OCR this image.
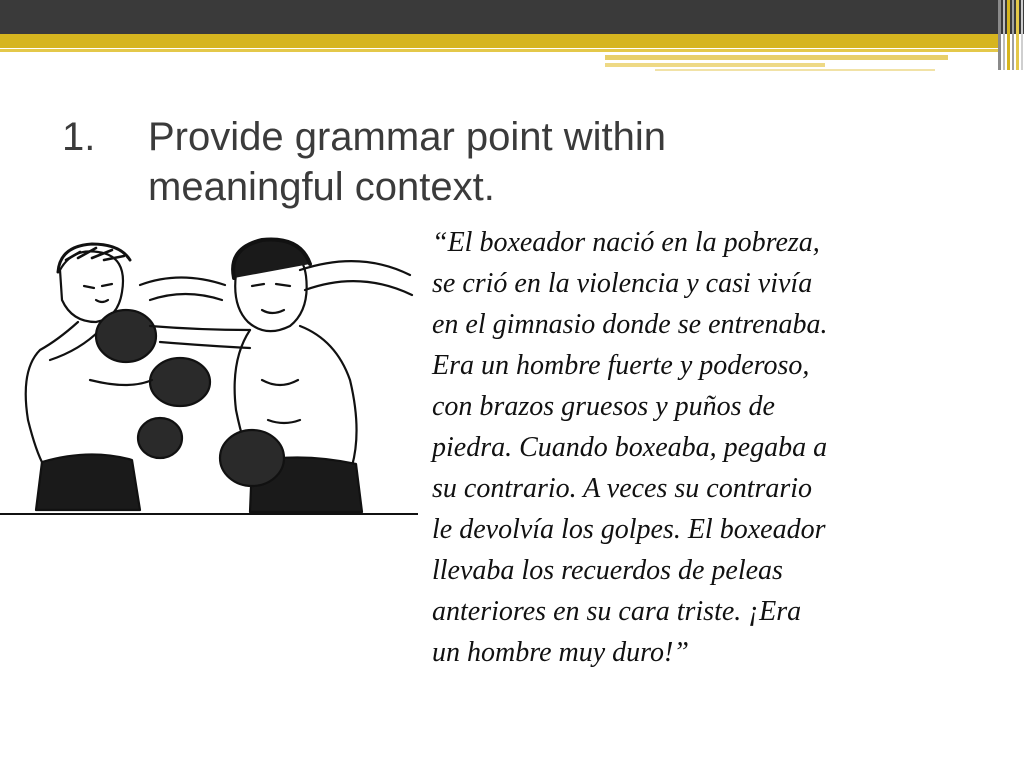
1. Provide grammar point within meaningful context.
“El boxeador nació en la pobreza,
se crió en la violencia y casi vivía
en el gimnasio donde se entrenaba.
Era un hombre fuerte y poderoso,
con brazos gruesos y puños de
piedra. Cuando boxeaba, pegaba a
su contrario. A veces su contrario
le devolvía los golpes. El boxeador
llevaba los recuerdos de peleas
anteriores en su cara triste. ¡Era
un hombre muy duro!”
